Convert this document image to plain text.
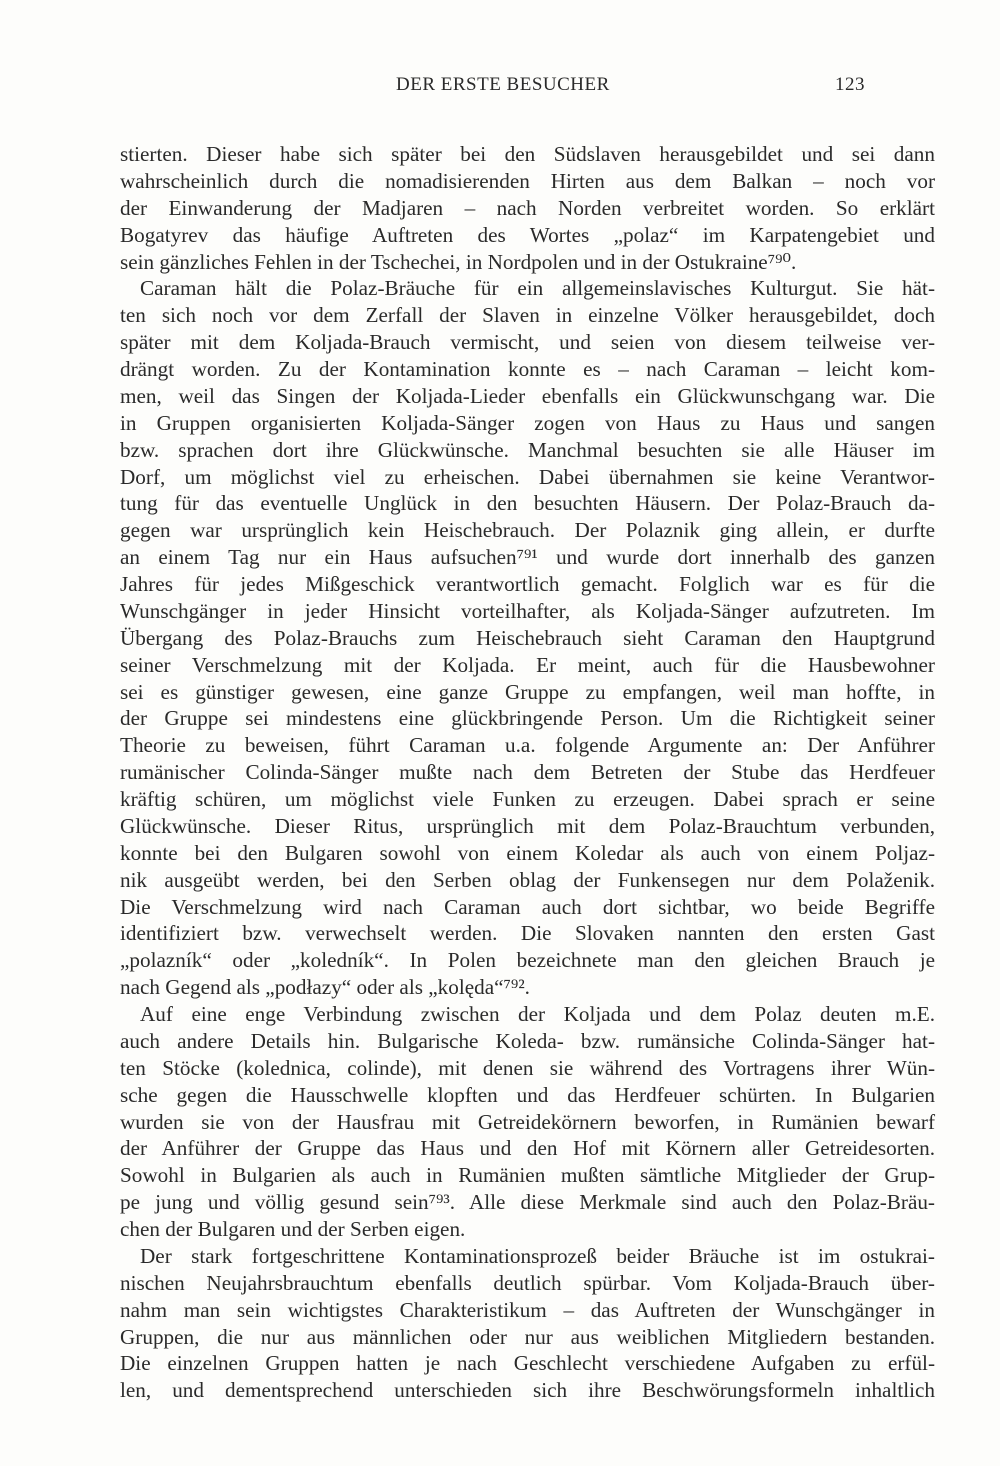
DER ERSTE BESUCHER	123
stierten. Dieser habe sich später bei den Südslaven herausgebildet und sei dann
wahrscheinlich durch die nomadisierenden Hirten aus dem Balkan – noch vor
der Einwanderung der Madjaren – nach Norden verbreitet worden. So erklärt
Bogatyrev das häufige Auftreten des Wortes „polaz“ im Karpatengebiet und
sein gänzliches Fehlen in der Tschechei, in Nordpolen und in der Ostukraine⁷⁹⁰.
Caraman hält die Polaz-Bräuche für ein allgemeinslavisches Kulturgut. Sie hät-
ten sich noch vor dem Zerfall der Slaven in einzelne Völker herausgebildet, doch
später mit dem Koljada-Brauch vermischt, und seien von diesem teilweise ver-
drängt worden. Zu der Kontamination konnte es – nach Caraman – leicht kom-
men, weil das Singen der Koljada-Lieder ebenfalls ein Glückwunschgang war. Die
in Gruppen organisierten Koljada-Sänger zogen von Haus zu Haus und sangen
bzw. sprachen dort ihre Glückwünsche. Manchmal besuchten sie alle Häuser im
Dorf, um möglichst viel zu erheischen. Dabei übernahmen sie keine Verantwor-
tung für das eventuelle Unglück in den besuchten Häusern. Der Polaz-Brauch da-
gegen war ursprünglich kein Heischebrauch. Der Polaznik ging allein, er durfte
an einem Tag nur ein Haus aufsuchen⁷⁹¹ und wurde dort innerhalb des ganzen
Jahres für jedes Mißgeschick verantwortlich gemacht. Folglich war es für die
Wunschgänger in jeder Hinsicht vorteilhafter, als Koljada-Sänger aufzutreten. Im
Übergang des Polaz-Brauchs zum Heischebrauch sieht Caraman den Hauptgrund
seiner Verschmelzung mit der Koljada. Er meint, auch für die Hausbewohner
sei es günstiger gewesen, eine ganze Gruppe zu empfangen, weil man hoffte, in
der Gruppe sei mindestens eine glückbringende Person. Um die Richtigkeit seiner
Theorie zu beweisen, führt Caraman u.a. folgende Argumente an: Der Anführer
rumänischer Colinda-Sänger mußte nach dem Betreten der Stube das Herdfeuer
kräftig schüren, um möglichst viele Funken zu erzeugen. Dabei sprach er seine
Glückwünsche. Dieser Ritus, ursprünglich mit dem Polaz-Brauchtum verbunden,
konnte bei den Bulgaren sowohl von einem Koledar als auch von einem Poljaz-
nik ausgeübt werden, bei den Serben oblag der Funkensegen nur dem Polaženik.
Die Verschmelzung wird nach Caraman auch dort sichtbar, wo beide Begriffe
identifiziert bzw. verwechselt werden. Die Slovaken nannten den ersten Gast
„polazník“ oder „koledník“. In Polen bezeichnete man den gleichen Brauch je
nach Gegend als „podłazy“ oder als „kolęda“⁷⁹².
Auf eine enge Verbindung zwischen der Koljada und dem Polaz deuten m.E.
auch andere Details hin. Bulgarische Koleda- bzw. rumänsiche Colinda-Sänger hat-
ten Stöcke (kolednica, colinde), mit denen sie während des Vortragens ihrer Wün-
sche gegen die Hausschwelle klopften und das Herdfeuer schürten. In Bulgarien
wurden sie von der Hausfrau mit Getreidekörnern beworfen, in Rumänien bewarf
der Anführer der Gruppe das Haus und den Hof mit Körnern aller Getreidesorten.
Sowohl in Bulgarien als auch in Rumänien mußten sämtliche Mitglieder der Grup-
pe jung und völlig gesund sein⁷⁹³. Alle diese Merkmale sind auch den Polaz-Bräu-
chen der Bulgaren und der Serben eigen.
Der stark fortgeschrittene Kontaminationsprozeß beider Bräuche ist im ostukrai-
nischen Neujahrsbrauchtum ebenfalls deutlich spürbar. Vom Koljada-Brauch über-
nahm man sein wichtigstes Charakteristikum – das Auftreten der Wunschgänger in
Gruppen, die nur aus männlichen oder nur aus weiblichen Mitgliedern bestanden.
Die einzelnen Gruppen hatten je nach Geschlecht verschiedene Aufgaben zu erfül-
len, und dementsprechend unterschieden sich ihre Beschwörungsformeln inhaltlich
